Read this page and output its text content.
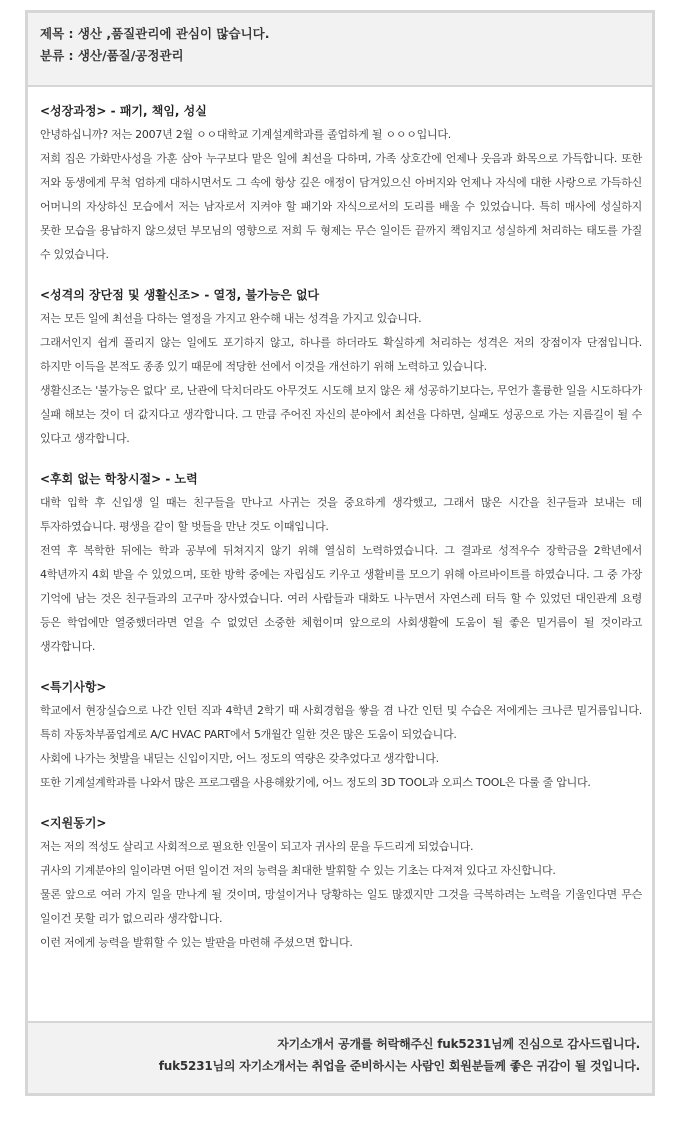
제목 : 생산 ,품질관리에 관심이 많습니다.
분류 : 생산/품질/공정관리

<성장과정> - 패기, 책임, 성실

안녕하십니까? 저는 2007년 2월 ㅇㅇ대학교 기계설계학과를 졸업하게 될 ㅇㅇㅇ입니다.

저희 집은 가화만사성을 가훈 삼아 누구보다 맡은 일에 최선을 다하며, 가족 상호간에 언제나 웃음과 화목으로 가득합니다. 또한 저와 동생에게 무척 엄하게 대하시면서도 그 속에 항상 깊은 애정이 담겨있으신 아버지와 언제나 자식에 대한 사랑으로 가득하신 어머니의 자상하신 모습에서 저는 남자로서 지켜야 할 패기와 자식으로서의 도리를 배울 수 있었습니다. 특히 매사에 성실하지 못한 모습을 용납하지 않으셨던 부모님의 영향으로 저희 두 형제는 무슨 일이든 끝까지 책임지고 성실하게 처리하는 태도를 가질 수 있었습니다.

<성격의 장단점 및 생활신조> - 열정, 불가능은 없다

저는 모든 일에 최선을 다하는 열정을 가지고 완수해 내는 성격을 가지고 있습니다.

그래서인지 쉽게 풀리지 않는 일에도 포기하지 않고, 하나를 하더라도 확실하게 처리하는 성격은 저의 장점이자 단점입니다. 하지만 이득을 본적도 종종 있기 때문에 적당한 선에서 이것을 개선하기 위해 노력하고 있습니다.

생활신조는 '불가능은 없다' 로, 난관에 닥치더라도 아무것도 시도해 보지 않은 채 성공하기보다는, 무언가 훌륭한 일을 시도하다가 실패 해보는 것이 더 값지다고 생각합니다. 그 만큼 주어진 자신의 분야에서 최선을 다하면, 실패도 성공으로 가는 지름길이 될 수 있다고 생각합니다.

<후회 없는 학창시절> - 노력

대학 입학 후 신입생 일 때는 친구들을 만나고 사귀는 것을 중요하게 생각했고, 그래서 많은 시간을 친구들과 보내는 데 투자하였습니다. 평생을 같이 할 벗들을 만난 것도 이때입니다.

전역 후 복학한 뒤에는 학과 공부에 뒤쳐지지 않기 위해 열심히 노력하였습니다. 그 결과로 성적우수 장학금을 2학년에서 4학년까지 4회 받을 수 있었으며, 또한 방학 중에는 자립심도 키우고 생활비를 모으기 위해 아르바이트를 하였습니다. 그 중 가장 기억에 남는 것은 친구들과의 고구마 장사였습니다. 여러 사람들과 대화도 나누면서 자연스레 터득 할 수 있었던 대인관계 요령 등은 학업에만 열중했더라면 얻을 수 없었던 소중한 체험이며 앞으로의 사회생활에 도움이 될 좋은 밑거름이 될 것이라고 생각합니다.

<특기사항>

학교에서 현장실습으로 나간 인턴 직과 4학년 2학기 때 사회경험을 쌓을 겸 나간 인턴 및 수습은 저에게는 크나큰 밑거름입니다. 특히 자동차부품업계로 A/C HVAC PART에서 5개월간 일한 것은 많은 도움이 되었습니다.

사회에 나가는 첫발을 내딛는 신입이지만, 어느 정도의 역량은 갖추었다고 생각합니다.

또한 기계설계학과를 나와서 많은 프로그램을 사용해왔기에, 어느 정도의 3D TOOL과 오피스 TOOL은 다룰 줄 압니다.

<지원동기>

저는 저의 적성도 살리고 사회적으로 필요한 인물이 되고자 귀사의 문을 두드리게 되었습니다.

귀사의 기계분야의 일이라면 어떤 일이건 저의 능력을 최대한 발휘할 수 있는 기초는 다져져 있다고 자신합니다.

물론 앞으로 여러 가지 일을 만나게 될 것이며, 망설이거나 당황하는 일도 많겠지만 그것을 극복하려는 노력을 기울인다면 무슨 일이건 못할 리가 없으리라 생각합니다.

이런 저에게 능력을 발휘할 수 있는 발판을 마련해 주셨으면 합니다.

자기소개서 공개를 허락해주신 fuk5231님께 진심으로 감사드립니다.
fuk5231님의 자기소개서는 취업을 준비하시는 사람인 회원분들께 좋은 귀감이 될 것입니다.
